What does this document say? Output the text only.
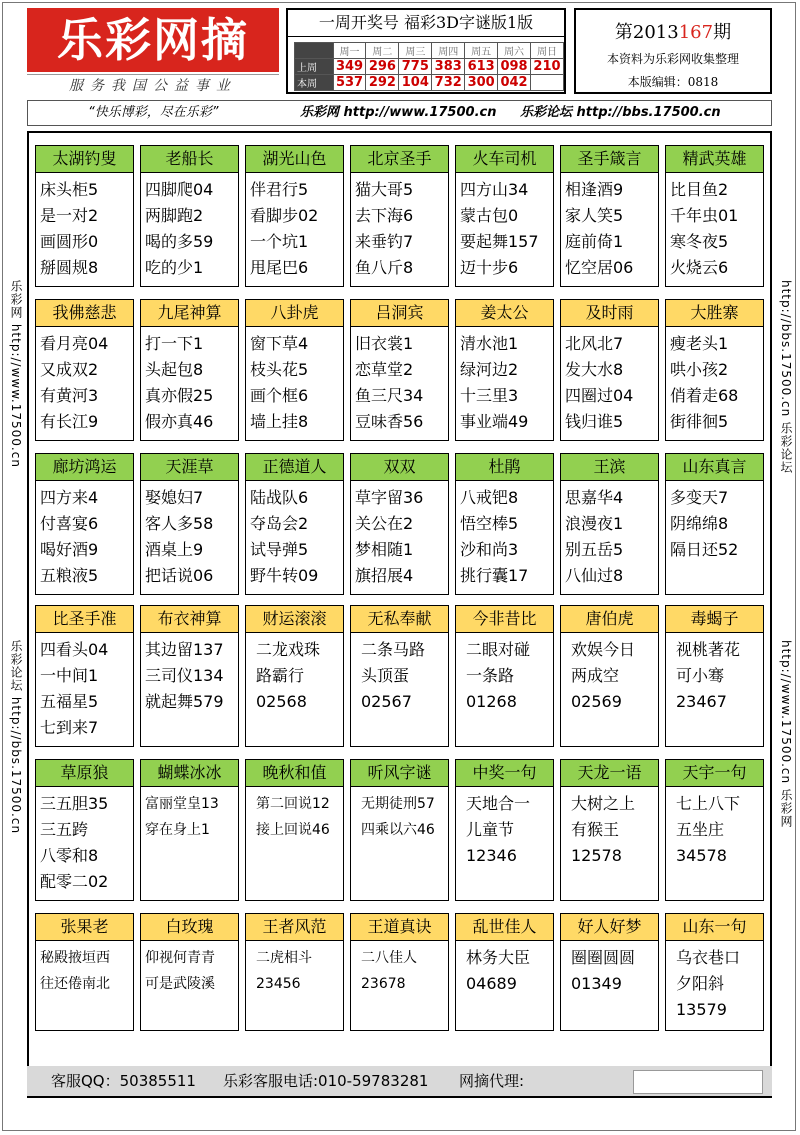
乐彩网摘
服务我国公益事业
一周开奖号 福彩3D字谜版1版
	周一	周二	周三	周四	周五	周六	周日
上周	349	296	775	383	613	098	210
本周	537	292	104	732	300	042	
第2013167期
本资料为乐彩网收集整理
本版编辑：0818
“快乐博彩，尽在乐彩”	乐彩网 http://www.17500.cn 乐彩论坛 http://bbs.17500.cn
乐彩网 http://www.17500.cn
乐彩论坛 http://bbs.17500.cn
http://bbs.17500.cn 乐彩论坛
http://www.17500.cn 乐彩网
太湖钓叟
床头柜5
是一对2
画圆形0
掰圆规8
老船长
四脚爬04
两脚跑2
喝的多59
吃的少1
湖光山色
伴君行5
看脚步02
一个坑1
甩尾巴6
北京圣手
猫大哥5
去下海6
来垂钓7
鱼八斤8
火车司机
四方山34
蒙古包0
要起舞157
迈十步6
圣手箴言
相逢酒9
家人笑5
庭前倚1
忆空居06
精武英雄
比目鱼2
千年虫01
寒冬夜5
火烧云6
我佛慈悲
看月亮04
又成双2
有黄河3
有长江9
九尾神算
打一下1
头起包8
真亦假25
假亦真46
八卦虎
窗下草4
枝头花5
画个框6
墙上挂8
吕洞宾
旧衣裳1
恋草堂2
鱼三尺34
豆味香56
姜太公
清水池1
绿河边2
十三里3
事业端49
及时雨
北风北7
发大水8
四圈过04
钱归谁5
大胜寨
瘦老头1
哄小孩2
俏着走68
街徘徊5
廊坊鸿运
四方来4
付喜宴6
喝好酒9
五粮液5
天涯草
娶媳妇7
客人多58
酒桌上9
把话说06
正德道人
陆战队6
夺岛会2
试导弹5
野牛转09
双双
草字留36
关公在2
梦相随1
旗招展4
杜鹃
八戒钯8
悟空棒5
沙和尚3
挑行囊17
王滨
思嘉华4
浪漫夜1
别五岳5
八仙过8
山东真言
多变天7
阴绵绵8
隔日还52
比圣手准
四看头04
一中间1
五福星5
七到来7
布衣神算
其边留137
三司仪134
就起舞579
财运滚滚
二龙戏珠
路霸行
02568
无私奉献
二条马路
头顶蛋
02567
今非昔比
二眼对碰
一条路
01268
唐伯虎
欢娱今日
两成空
02569
毒蝎子
视桃著花
可小骞
23467
草原狼
三五胆35
三五跨
八零和8
配零二02
蝴蝶冰冰
富丽堂皇13
穿在身上1
晚秋和值
第二回说12
接上回说46
听风字谜
无期徒刑57
四乘以六46
中奖一句
天地合一
儿童节
12346
天龙一语
大树之上
有猴王
12578
天宇一句
七上八下
五坐庄
34578
张果老
秘殿掖垣西
往还倦南北
白玫瑰
仰视何青青
可是武陵溪
王者风范
二虎相斗
23456
王道真诀
二八佳人
23678
乱世佳人
林务大臣
04689
好人好梦
圈圈圆圆
01349
山东一句
乌衣巷口
夕阳斜
13579
客服QQ：50385511 乐彩客服电话:010-59783281 网摘代理:
